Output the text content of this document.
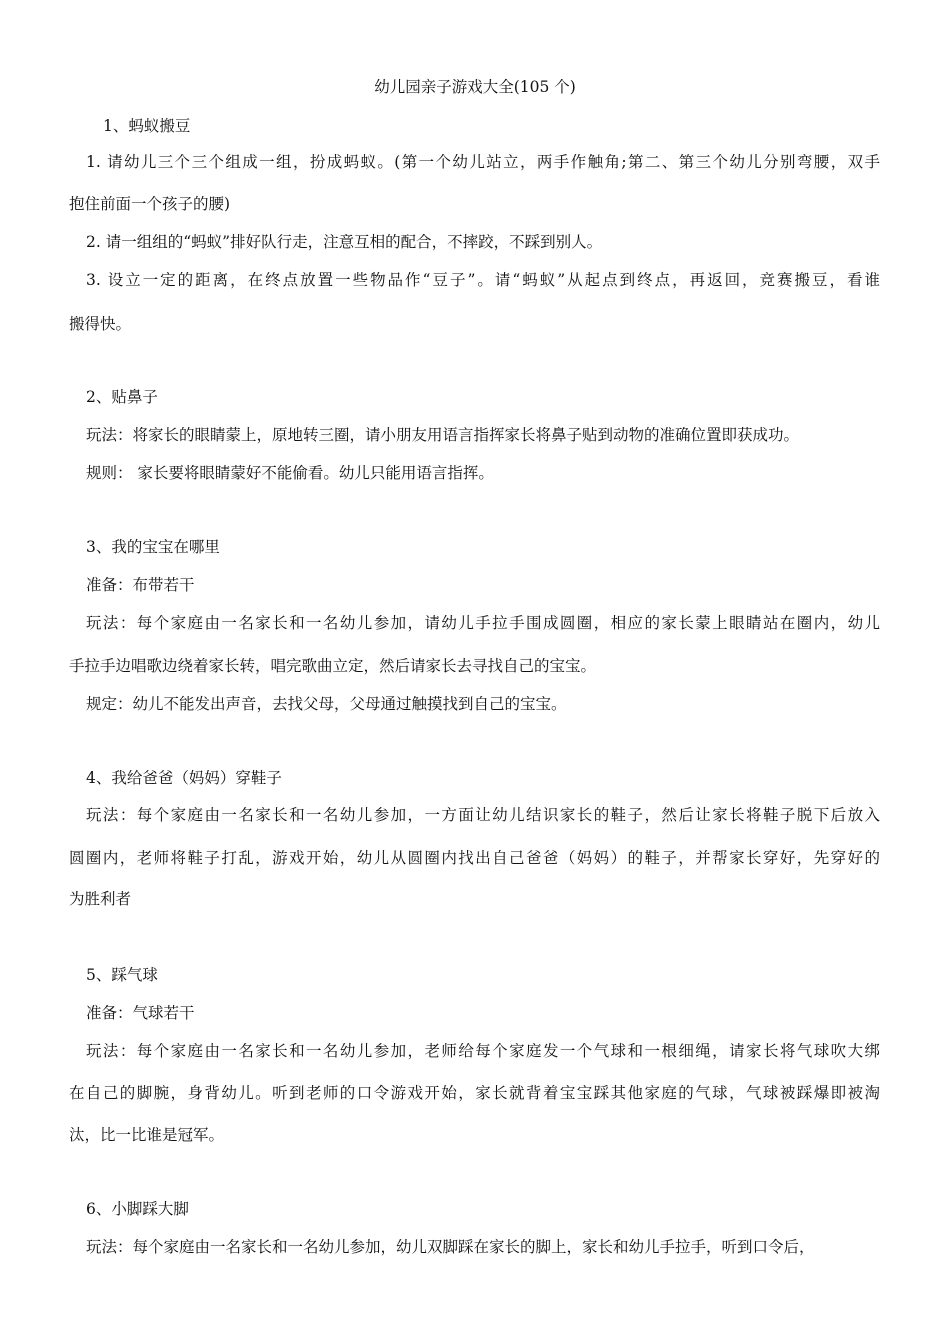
幼儿园亲子游戏大全(105 个)
1、蚂蚁搬豆
1. 请幼儿三个三个组成一组，扮成蚂蚁。(第一个幼儿站立，两手作触角;第二、第三个幼儿分别弯腰，双手
抱住前面一个孩子的腰)
2. 请一组组的“蚂蚁”排好队行走，注意互相的配合，不摔跤，不踩到别人。
3. 设立一定的距离，在终点放置一些物品作“豆子”。请“蚂蚁”从起点到终点，再返回，竞赛搬豆，看谁
搬得快。
2、贴鼻子
玩法：将家长的眼睛蒙上，原地转三圈，请小朋友用语言指挥家长将鼻子贴到动物的准确位置即获成功。
规则： 家长要将眼睛蒙好不能偷看。幼儿只能用语言指挥。
3、我的宝宝在哪里
准备：布带若干
玩法：每个家庭由一名家长和一名幼儿参加，请幼儿手拉手围成圆圈，相应的家长蒙上眼睛站在圈内，幼儿
手拉手边唱歌边绕着家长转，唱完歌曲立定，然后请家长去寻找自己的宝宝。
规定：幼儿不能发出声音，去找父母，父母通过触摸找到自己的宝宝。
4、我给爸爸（妈妈）穿鞋子
玩法：每个家庭由一名家长和一名幼儿参加，一方面让幼儿结识家长的鞋子，然后让家长将鞋子脱下后放入
圆圈内，老师将鞋子打乱，游戏开始，幼儿从圆圈内找出自己爸爸（妈妈）的鞋子，并帮家长穿好，先穿好的
为胜利者
5、踩气球
准备：气球若干
玩法：每个家庭由一名家长和一名幼儿参加，老师给每个家庭发一个气球和一根细绳，请家长将气球吹大绑
在自己的脚腕，身背幼儿。听到老师的口令游戏开始，家长就背着宝宝踩其他家庭的气球，气球被踩爆即被淘
汰，比一比谁是冠军。
6、小脚踩大脚
玩法：每个家庭由一名家长和一名幼儿参加，幼儿双脚踩在家长的脚上，家长和幼儿手拉手，听到口令后，
